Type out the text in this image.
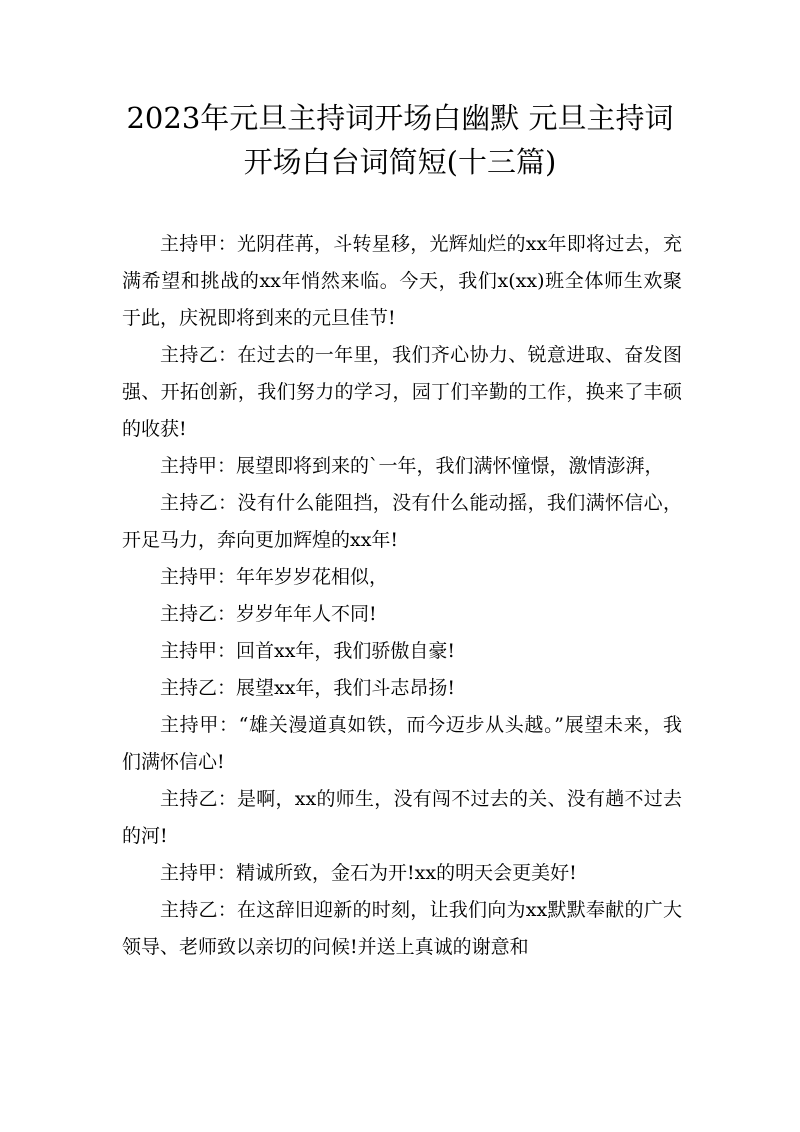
2023年元旦主持词开场白幽默 元旦主持词
开场白台词简短(十三篇)

主持甲：光阴荏苒，斗转星移，光辉灿烂的xx年即将过去，充满希望和挑战的xx年悄然来临。今天，我们x(xx)班全体师生欢聚于此，庆祝即将到来的元旦佳节!

主持乙：在过去的一年里，我们齐心协力、锐意进取、奋发图强、开拓创新，我们努力的学习，园丁们辛勤的工作，换来了丰硕的收获!

主持甲：展望即将到来的`一年，我们满怀憧憬，激情澎湃，

主持乙：没有什么能阻挡，没有什么能动摇，我们满怀信心，开足马力，奔向更加辉煌的xx年!

主持甲：年年岁岁花相似，

主持乙：岁岁年年人不同!

主持甲：回首xx年，我们骄傲自豪!

主持乙：展望xx年，我们斗志昂扬!

主持甲：“雄关漫道真如铁，而今迈步从头越。”展望未来，我们满怀信心!

主持乙：是啊，xx的师生，没有闯不过去的关、没有趟不过去的河!

主持甲：精诚所致，金石为开!xx的明天会更美好!

主持乙：在这辞旧迎新的时刻，让我们向为xx默默奉献的广大领导、老师致以亲切的问候!并送上真诚的谢意和
